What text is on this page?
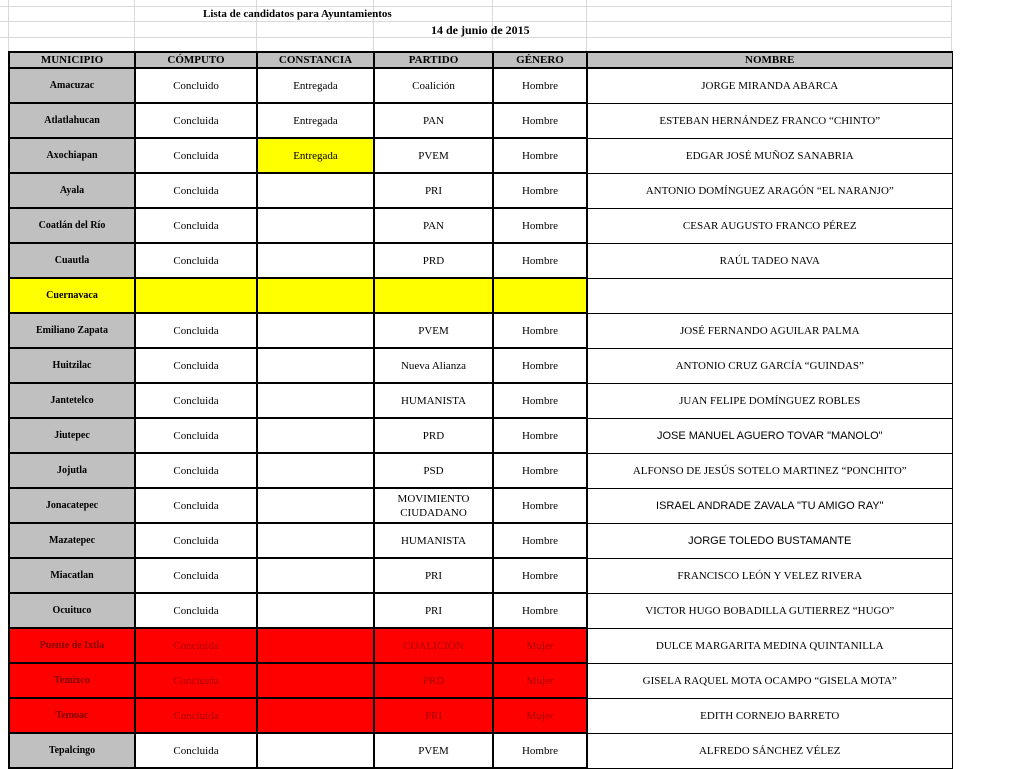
Lista de candidatos para Ayuntamientos
14 de junio de 2015
MUNICIPIO	CÓMPUTO	CONSTANCIA	PARTIDO	GÉNERO	NOMBRE
Amacuzac	Concluido	Entregada	Coalición	Hombre	JORGE MIRANDA ABARCA
Atlatlahucan	Concluida	Entregada	PAN	Hombre	ESTEBAN HERNÁNDEZ FRANCO “CHINTO”
Axochiapan	Concluida	Entregada	PVEM	Hombre	EDGAR JOSÉ MUÑOZ SANABRIA
Ayala	Concluida		PRI	Hombre	ANTONIO DOMÍNGUEZ ARAGÓN “EL NARANJO”
Coatlán del Río	Concluida		PAN	Hombre	CESAR AUGUSTO FRANCO PÉREZ
Cuautla	Concluida		PRD	Hombre	RAÚL TADEO NAVA
Cuernavaca					
Emiliano Zapata	Concluida		PVEM	Hombre	JOSÉ FERNANDO AGUILAR PALMA
Huitzilac	Concluida		Nueva Alianza	Hombre	ANTONIO CRUZ GARCÍA “GUINDAS”
Jantetelco	Concluida		HUMANISTA	Hombre	JUAN FELIPE DOMÍNGUEZ ROBLES
Jiutepec	Concluida		PRD	Hombre	JOSE MANUEL AGUERO TOVAR "MANOLO"
Jojutla	Concluida		PSD	Hombre	ALFONSO DE JESÚS SOTELO MARTINEZ “PONCHITO”
Jonacatepec	Concluida		MOVIMIENTO CIUDADANO	Hombre	ISRAEL ANDRADE ZAVALA "TU AMIGO RAY"
Mazatepec	Concluida		HUMANISTA	Hombre	JORGE TOLEDO BUSTAMANTE
Miacatlan	Concluida		PRI	Hombre	FRANCISCO LEÓN Y VELEZ RIVERA
Ocuituco	Concluida		PRI	Hombre	VICTOR HUGO BOBADILLA GUTIERREZ “HUGO”
Puente de Ixtla	Concluida		COALICIÓN	Mujer	DULCE MARGARITA MEDINA QUINTANILLA
Temixco	Concluida		PRD	Mujer	GISELA RAQUEL MOTA OCAMPO “GISELA MOTA”
Temoac	Concluida		PRI	Mujer	EDITH CORNEJO BARRETO
Tepalcingo	Concluida		PVEM	Hombre	ALFREDO SÁNCHEZ VÉLEZ
